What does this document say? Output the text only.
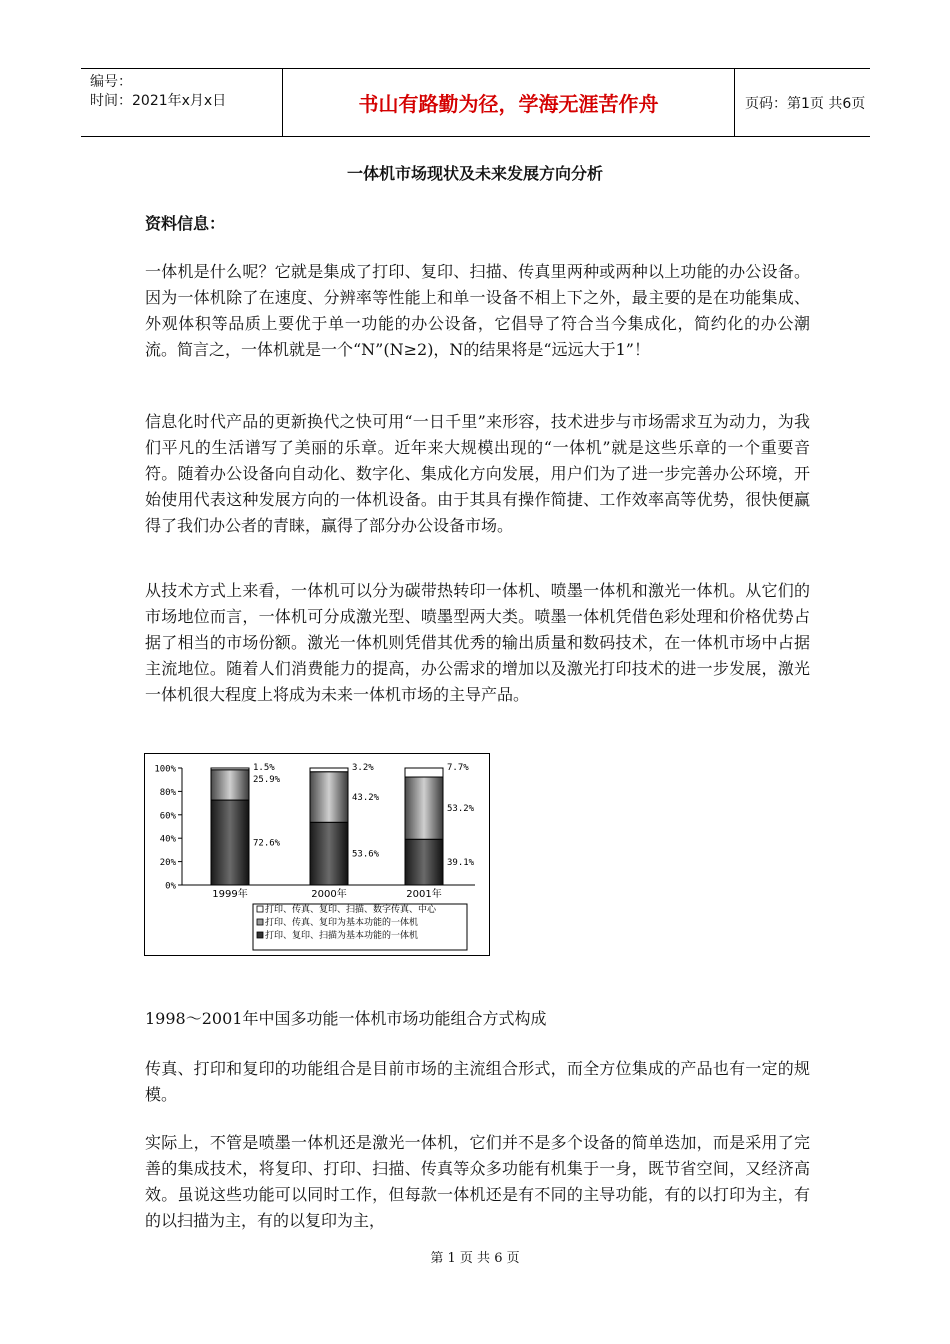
编号：
时间：2021年x月x日	书山有路勤为径，学海无涯苦作舟	页码：第1页 共6页
一体机市场现状及未来发展方向分析
资料信息：

一体机是什么呢？它就是集成了打印、复印、扫描、传真里两种或两种以上功能的办公设备。因为一体机除了在速度、分辨率等性能上和单一设备不相上下之外，最主要的是在功能集成、外观体积等品质上要优于单一功能的办公设备，它倡导了符合当今集成化，简约化的办公潮流。简言之，一体机就是一个“N”(N≥2)，N的结果将是“远远大于1”！

信息化时代产品的更新换代之快可用“一日千里”来形容，技术进步与市场需求互为动力，为我们平凡的生活谱写了美丽的乐章。近年来大规模出现的“一体机”就是这些乐章的一个重要音符。随着办公设备向自动化、数字化、集成化方向发展，用户们为了进一步完善办公环境，开始使用代表这种发展方向的一体机设备。由于其具有操作简捷、工作效率高等优势，很快便赢得了我们办公者的青睐，赢得了部分办公设备市场。

从技术方式上来看，一体机可以分为碳带热转印一体机、喷墨一体机和激光一体机。从它们的市场地位而言，一体机可分成激光型、喷墨型两大类。喷墨一体机凭借色彩处理和价格优势占据了相当的市场份额。激光一体机则凭借其优秀的输出质量和数码技术，在一体机市场中占据主流地位。随着人们消费能力的提高，办公需求的增加以及激光打印技术的进一步发展，激光一体机很大程度上将成为未来一体机市场的主导产品。

0%
20%
40%
60%
80%
100%
72.6%
25.9%
1.5%
1999年
53.6%
43.2%
3.2%
2000年
39.1%
53.2%
7.7%
2001年
打印、传真、复印、扫描、数字传真、中心
打印、传真、复印为基本功能的一体机
打印、复印、扫描为基本功能的一体机
1998～2001年中国多功能一体机市场功能组合方式构成

传真、打印和复印的功能组合是目前市场的主流组合形式，而全方位集成的产品也有一定的规模。

实际上，不管是喷墨一体机还是激光一体机，它们并不是多个设备的简单迭加，而是采用了完善的集成技术，将复印、打印、扫描、传真等众多功能有机集于一身，既节省空间，又经济高效。虽说这些功能可以同时工作，但每款一体机还是有不同的主导功能，有的以打印为主，有的以扫描为主，有的以复印为主，

第 1 页 共 6 页
